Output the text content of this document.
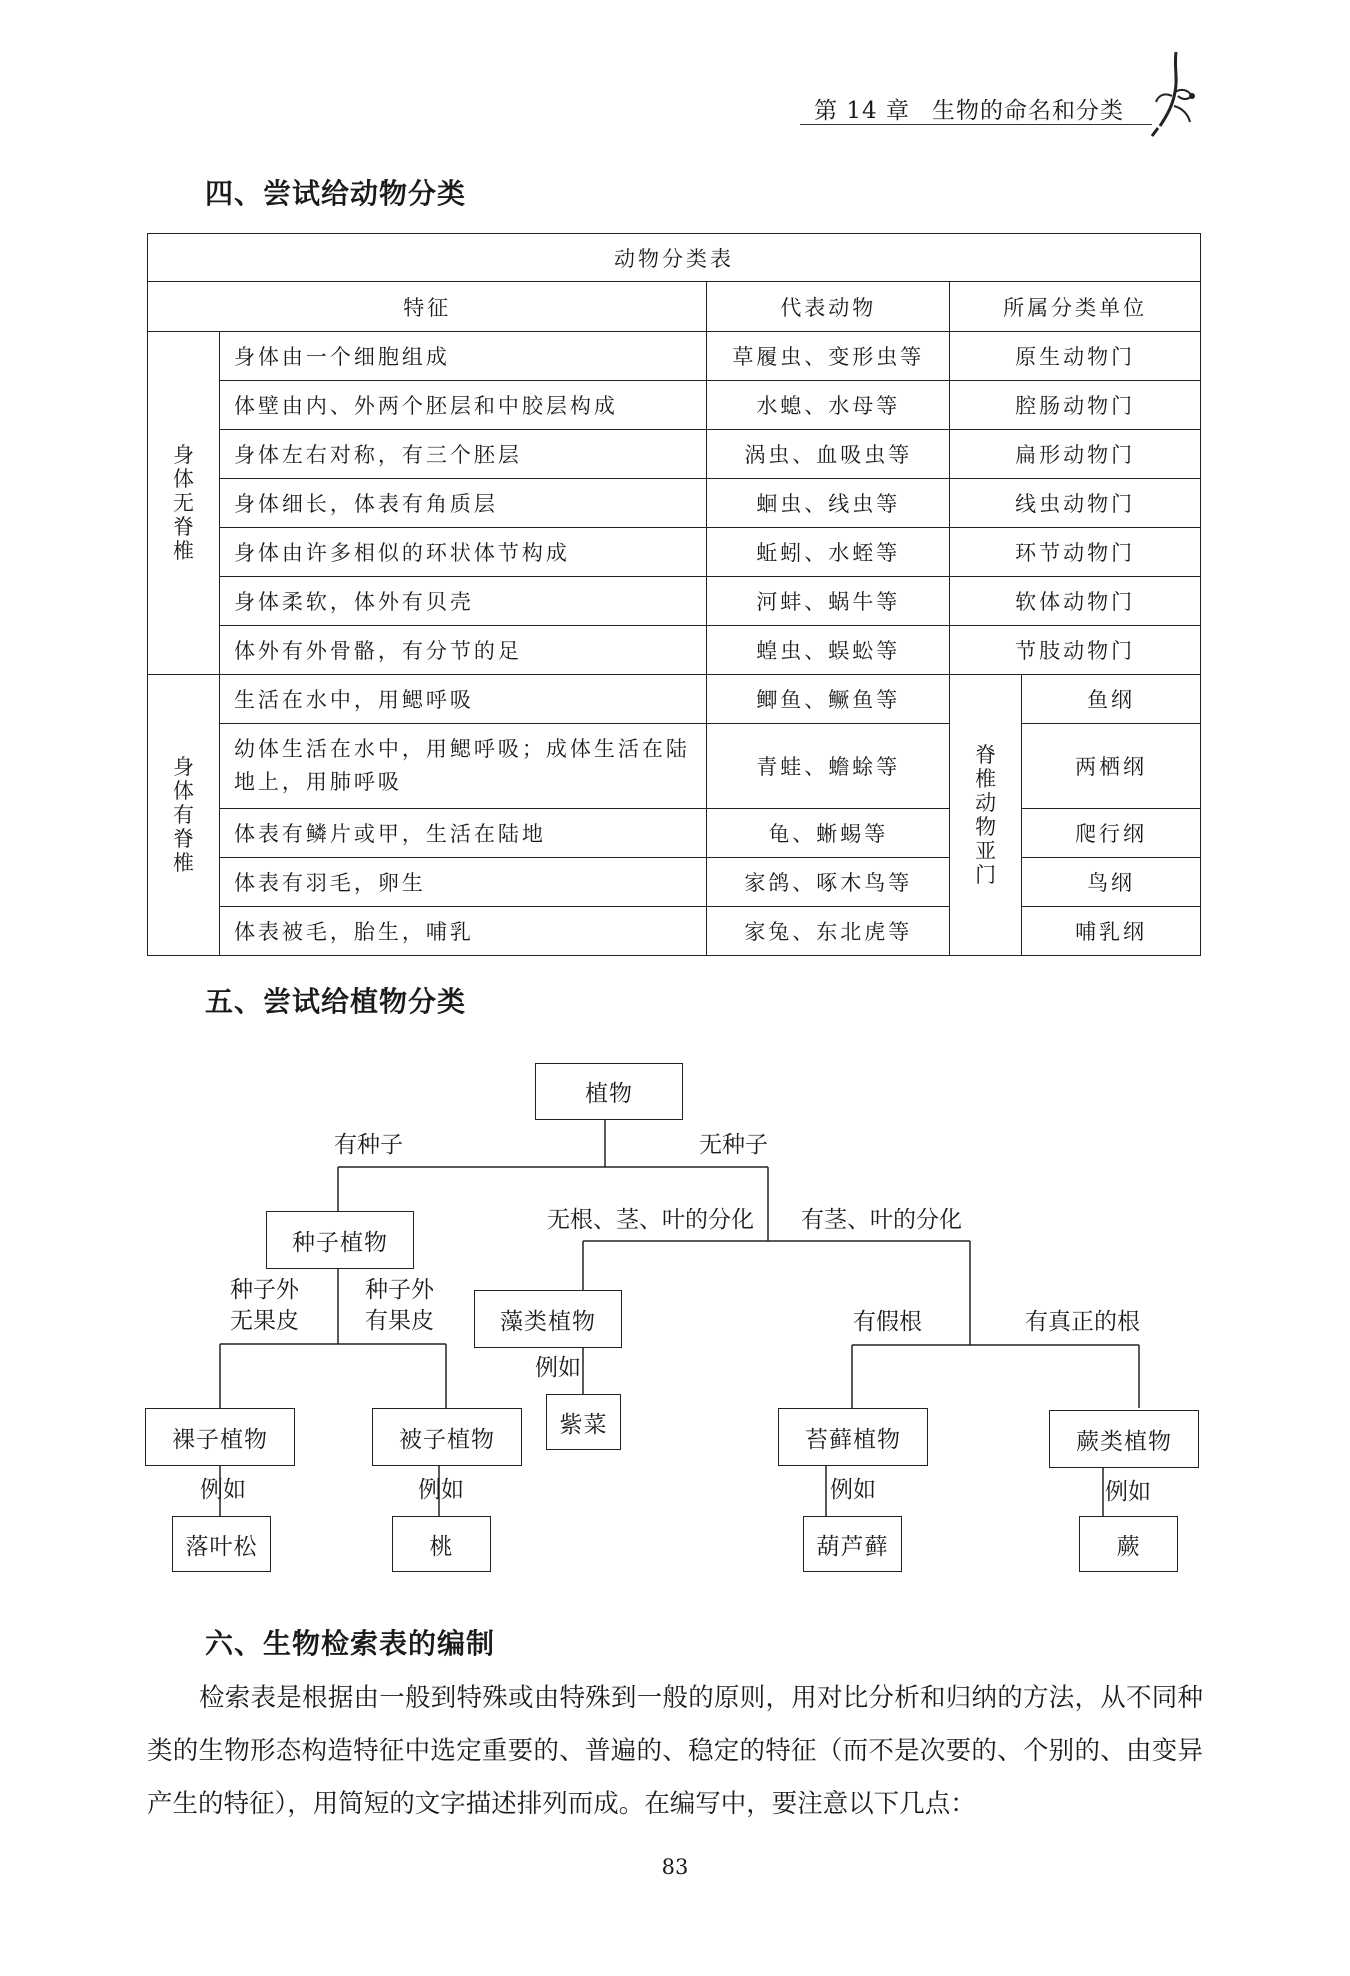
第 14 章 生物的命名和分类
四、尝试给动物分类
动物分类表				
特征		代表动物	所属分类单位	

身体无脊椎	身体由一个细胞组成	草履虫、变形虫等	原生动物门	
	体壁由内、外两个胚层和中胶层构成	水螅、水母等	腔肠动物门	
	身体左右对称，有三个胚层	涡虫、血吸虫等	扁形动物门	
	身体细长，体表有角质层	蛔虫、线虫等	线虫动物门	
	身体由许多相似的环状体节构成	蚯蚓、水蛭等	环节动物门	
	身体柔软，体外有贝壳	河蚌、蜗牛等	软体动物门	
	体外有外骨骼，有分节的足	蝗虫、蜈蚣等	节肢动物门	

身体有脊椎	生活在水中，用鳃呼吸	鲫鱼、鳜鱼等	脊椎动物亚门	鱼纲
	幼体生活在水中，用鳃呼吸；成体生活在陆地上，用肺呼吸	青蛙、蟾蜍等		两栖纲
	体表有鳞片或甲，生活在陆地	龟、蜥蜴等		爬行纲
	体表有羽毛，卵生	家鸽、啄木鸟等		鸟纲
	体表被毛，胎生，哺乳	家兔、东北虎等		哺乳纲
五、尝试给植物分类
植物
有种子	无种子
种子植物
无根、茎、叶的分化 有茎、叶的分化
种子外
无果皮
种子外
有果皮	藻类植物	有假根	有真正的根
例如
紫菜
裸子植物	被子植物	苔藓植物	蕨类植物
例如	例如	例如	例如
落叶松	桃	葫芦藓	蕨
六、生物检索表的编制

检索表是根据由一般到特殊或由特殊到一般的原则，用对比分析和归纳的方法，从不同种类的生物形态构造特征中选定重要的、普遍的、稳定的特征（而不是次要的、个别的、由变异产生的特征），用简短的文字描述排列而成。在编写中，要注意以下几点：

83
